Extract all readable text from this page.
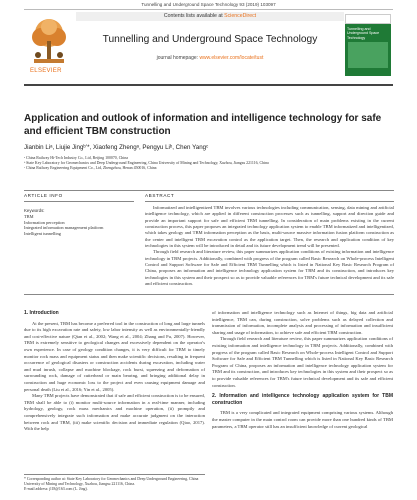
Tunnelling and Underground Space Technology 93 (2019) 103097
ELSEVIER
Contents lists available at ScienceDirect
Tunnelling and Underground Space Technology
journal homepage: www.elsevier.com/locate/tust
Tunnelling and Underground Space Technology
Application and outlook of information and intelligence technology for safe and efficient TBM construction
Jianbin Liᵃ, Liujie Jingᵇʼ*, Xiaofeng Zhengᵃ, Pengyu Liᵇ, Chen Yangᶜ
ᵃ China Railway Hi-Tech Industry Co., Ltd, Beijing 100070, China
ᵇ State Key Laboratory for Geomechanics and Deep Underground Engineering, China University of Mining and Technology, Xuzhou, Jiangsu 221116, China
ᶜ China Railway Engineering Equipment Co., Ltd, Zhengzhou, Henan 450016, China
ARTICLE INFO	ABSTRACT
Keywords:
TBM
Information perception
Integrated information management platform
Intelligent tunnelling

Informatized and intelligentized TBM involves various technologies including communication, sensing, data mining and artificial intelligence technology, which are applied in different construction processes such as tunnelling, support and direction guide and provide an important support for safe and efficient TBM tunnelling. In consideration of main problems existing in the current construction process, this paper proposes an integrated technology application system to enable TBM informatized and intelligentized, which takes geology and TBM information perception as the basis, multi-source massive information fusion platform construction as the center and intelligent TBM excavation control as the application target. Then, the research and application condition of key technologies in this system will be introduced in detail and its future development trend will be presented.

Through field research and literature review, this paper summarizes application conditions of existing information and intelligence technology in TBM projects. Additionally, combined with progress of the program called Basic Research on Whole-process Intelligent Control and Support Software for Safe and Efficient TBM Tunnelling which is listed in National Key Basic Research Program of China, proposes an information and intelligence technology application system for TBM and its construction, and introduces key technologies in this system and their prospect so as to provide valuable references for TBM's future technical development and its safe and efficient construction.

1. Introduction

At the present, TBM has become a preferred tool in the construction of long and large tunnels due to its high excavation rate and safety, low labor intensity as well as environmentally-friendly and cost-effective nature (Qian et al., 2002; Wang et al., 2004; Zhang and Fu, 2007). However, TBM is extremely sensitive to geological changes and excessively dependent on the operator's own experience. In case of geology condition changes, it is very difficult for TBM to timely monitor rock mass and equipment status and then make scientific decisions, resulting in frequent occurrence of geological disasters or construction accidents during excavation, including water and mud inrush, collapse and machine blockage, rock burst, squeezing and deformation of surrounding rock, damage of cutterhead or main bearing, and bringing additional delay in construction and huge economic loss to the project and even causing equipment damage and personal death (Liu et al., 2016; Yin et al., 2005).

Many TBM projects have demonstrated that if safe and efficient construction is to be ensured, TBM shall be able to (i) monitor multi-source information in a real-time manner, including hydrology, geology, rock mass mechanics and machine operation, (ii) promptly and comprehensively integrate such information and make accurate judgment on the interaction between rock and TBM, (iii) make scientific decision and immediate regulation (Qiao, 2017). With the help

of information and intelligence technology such as Internet of things, big data and artificial intelligence, TBM can, during construction, solve problems such as delayed collection and transmission of information, incomplete analysis and processing of information and insufficient sharing and usage of information, to achieve safe and efficient TBM construction.

Through field research and literature review, this paper summarizes application conditions of existing information and intelligence technology in TBM projects. Additionally, combined with progress of the program called Basic Research on Whole-process Intelligent Control and Support Software for Safe and Efficient TBM Tunnelling which is listed in National Key Basic Research Program of China, proposes an information and intelligence technology application system for TBM and its construction, and introduces key technologies in this system and their prospect so as to provide valuable references for TBM's future technical development and its safe and efficient construction.

2. Information and intelligence technology application system for TBM construction

TBM is a very complicated and integrated equipment comprising various systems. Although the master computer in the main control room can provide more than one hundred kinds of TBM parameters, a TBM operator still has an insufficient knowledge of current geological

* Corresponding author at: State Key Laboratory for Geomechanics and Deep Underground Engineering, China University of Mining and Technology, Xuzhou, Jiangsu 221116, China.
E-mail address: jl18@163.com (L. Jing).
